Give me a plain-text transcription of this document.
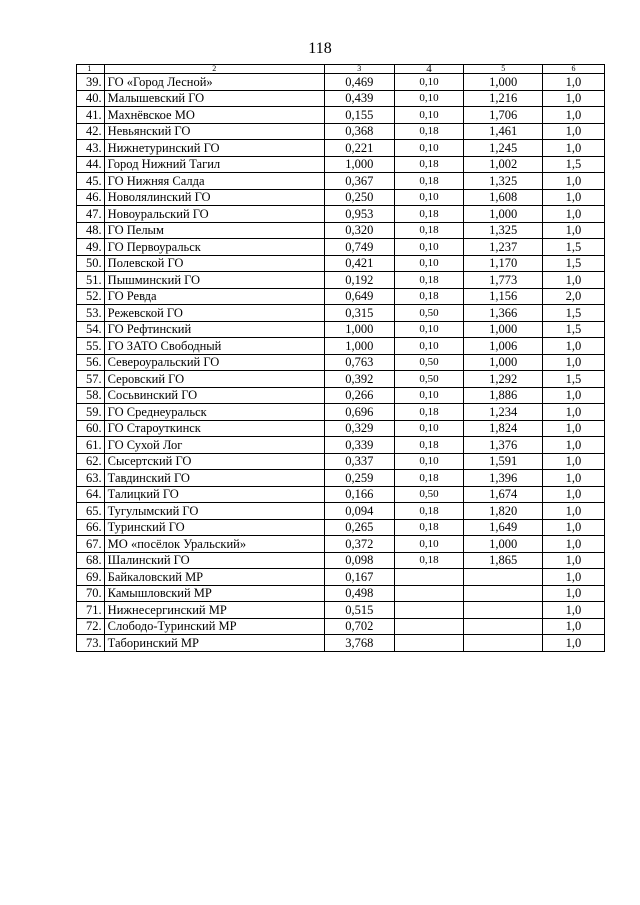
118
1	2	3	4	5	6
39.	ГО «Город Лесной»	0,469	0,10	1,000	1,0
40.	Малышевский ГО	0,439	0,10	1,216	1,0
41.	Махнёвское МО	0,155	0,10	1,706	1,0
42.	Невьянский ГО	0,368	0,18	1,461	1,0
43.	Нижнетуринский ГО	0,221	0,10	1,245	1,0
44.	Город Нижний Тагил	1,000	0,18	1,002	1,5
45.	ГО Нижняя Салда	0,367	0,18	1,325	1,0
46.	Новолялинский ГО	0,250	0,10	1,608	1,0
47.	Новоуральский ГО	0,953	0,18	1,000	1,0
48.	ГО Пелым	0,320	0,18	1,325	1,0
49.	ГО Первоуральск	0,749	0,10	1,237	1,5
50.	Полевской ГО	0,421	0,10	1,170	1,5
51.	Пышминский ГО	0,192	0,18	1,773	1,0
52.	ГО Ревда	0,649	0,18	1,156	2,0
53.	Режевской ГО	0,315	0,50	1,366	1,5
54.	ГО Рефтинский	1,000	0,10	1,000	1,5
55.	ГО ЗАТО Свободный	1,000	0,10	1,006	1,0
56.	Североуральский ГО	0,763	0,50	1,000	1,0
57.	Серовский ГО	0,392	0,50	1,292	1,5
58.	Сосьвинский ГО	0,266	0,10	1,886	1,0
59.	ГО Среднеуральск	0,696	0,18	1,234	1,0
60.	ГО Староуткинск	0,329	0,10	1,824	1,0
61.	ГО Сухой Лог	0,339	0,18	1,376	1,0
62.	Сысертский ГО	0,337	0,10	1,591	1,0
63.	Тавдинский ГО	0,259	0,18	1,396	1,0
64.	Талицкий ГО	0,166	0,50	1,674	1,0
65.	Тугулымский ГО	0,094	0,18	1,820	1,0
66.	Туринский ГО	0,265	0,18	1,649	1,0
67.	МО «посёлок Уральский»	0,372	0,10	1,000	1,0
68.	Шалинский ГО	0,098	0,18	1,865	1,0
69.	Байкаловский МР	0,167			1,0
70.	Камышловский МР	0,498			1,0
71.	Нижнесергинский МР	0,515			1,0
72.	Слободо-Туринский МР	0,702			1,0
73.	Таборинский МР	3,768			1,0
